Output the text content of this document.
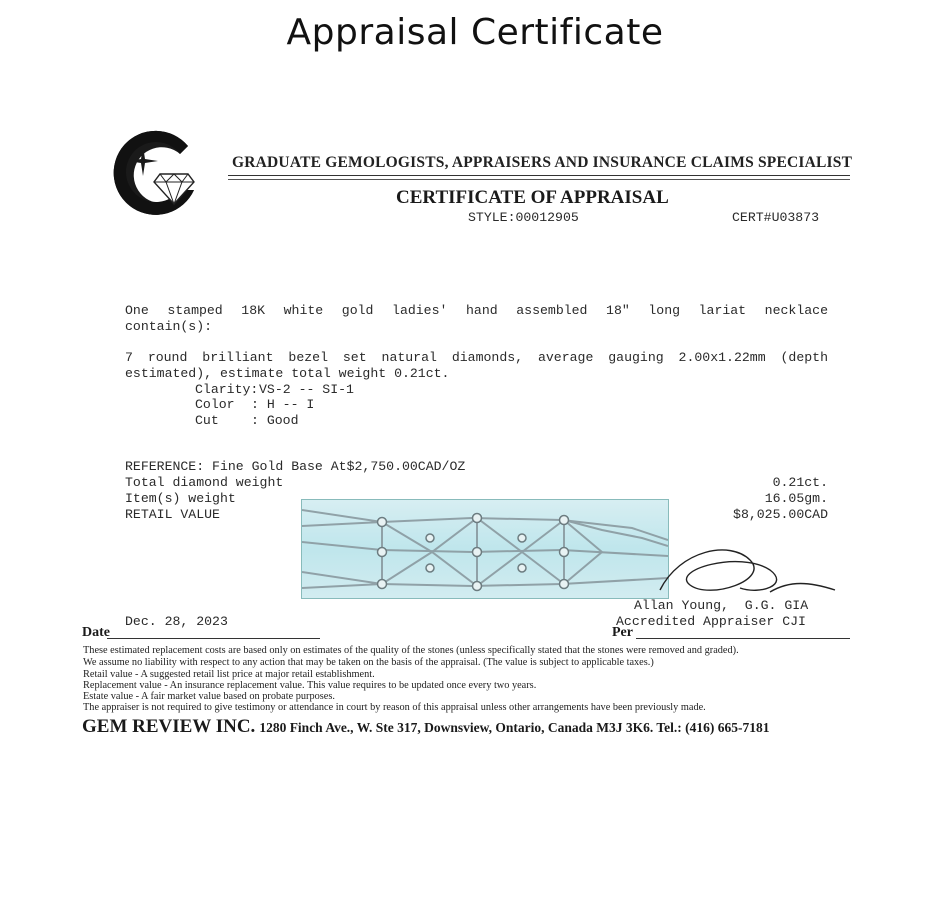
Appraisal Certificate
GRADUATE GEMOLOGISTS, APPRAISERS AND INSURANCE CLAIMS SPECIALIST
CERTIFICATE OF APPRAISAL
STYLE:00012905	CERT#U03873
One stamped 18K white gold ladies' hand assembled 18" long lariat necklace
contain(s):
7 round brilliant bezel set natural diamonds, average gauging 2.00x1.22mm (depth
estimated), estimate total weight 0.21ct.
Clarity: VS-2 -- SI-1
Color : H -- I
Cut : Good
REFERENCE: Fine Gold Base At$2,750.00CAD/OZ
Total diamond weight	0.21ct.
Item(s) weight	16.05gm.
RETAIL VALUE	$8,025.00CAD
Allan Young,  G.G. GIA
Accredited Appraiser CJI
Date
Dec. 28, 2023
Per
These estimated replacement costs are based only on estimates of the quality of the stones (unless specifically stated that the stones were removed and graded).
We assume no liability with respect to any action that may be taken on the basis of the appraisal. (The value is subject to applicable taxes.)
Retail value - A suggested retail list price at major retail establishment.
Replacement value - An insurance replacement value. This value requires to be updated once every two years.
Estate value - A fair market value based on probate purposes.
The appraiser is not required to give testimony or attendance in court by reason of this appraisal unless other arrangements have been previously made.
GEM REVIEW INC. 1280 Finch Ave., W. Ste 317, Downsview, Ontario, Canada M3J 3K6. Tel.: (416) 665-7181
